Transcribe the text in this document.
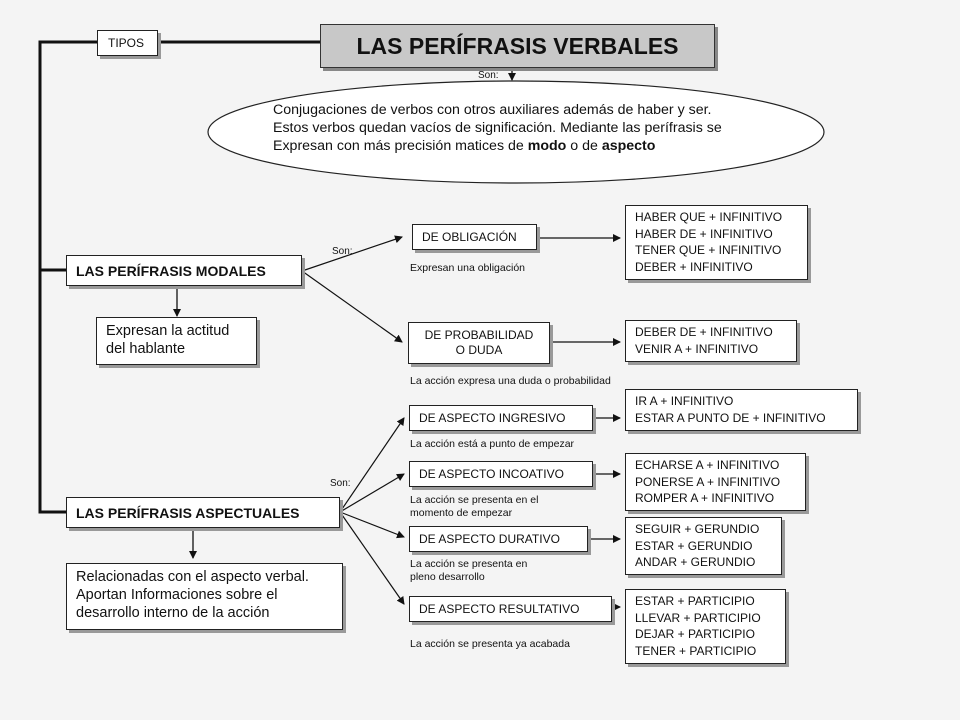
LAS PERÍFRASIS VERBALES
TIPOS
Son:
Conjugaciones de verbos con otros auxiliares además de haber y ser.
Estos verbos quedan vacíos de significación. Mediante las perífrasis se
Expresan con más precisión matices de modo o de aspecto
LAS PERÍFRASIS MODALES
Son:
Expresan la actitud
del hablante
DE OBLIGACIÓN
Expresan una obligación
HABER QUE + INFINITIVO
HABER DE + INFINITIVO
TENER QUE + INFINITIVO
DEBER + INFINITIVO
DE PROBABILIDAD
O DUDA
La acción expresa una duda o probabilidad
DEBER DE + INFINITIVO
VENIR A + INFINITIVO
LAS PERÍFRASIS ASPECTUALES
Son:
Relacionadas con el aspecto verbal.
Aportan Informaciones sobre el
desarrollo interno de la acción
DE ASPECTO INGRESIVO
La acción está a punto de empezar
IR A + INFINITIVO
ESTAR A PUNTO DE + INFINITIVO
DE ASPECTO INCOATIVO
La acción se presenta en el
momento de empezar
ECHARSE A + INFINITIVO
PONERSE A + INFINITIVO
ROMPER A + INFINITIVO
DE ASPECTO DURATIVO
La acción se presenta en
pleno desarrollo
SEGUIR + GERUNDIO
ESTAR + GERUNDIO
ANDAR + GERUNDIO
DE ASPECTO RESULTATIVO
La acción se presenta ya acabada
ESTAR + PARTICIPIO
LLEVAR + PARTICIPIO
DEJAR + PARTICIPIO
TENER + PARTICIPIO
